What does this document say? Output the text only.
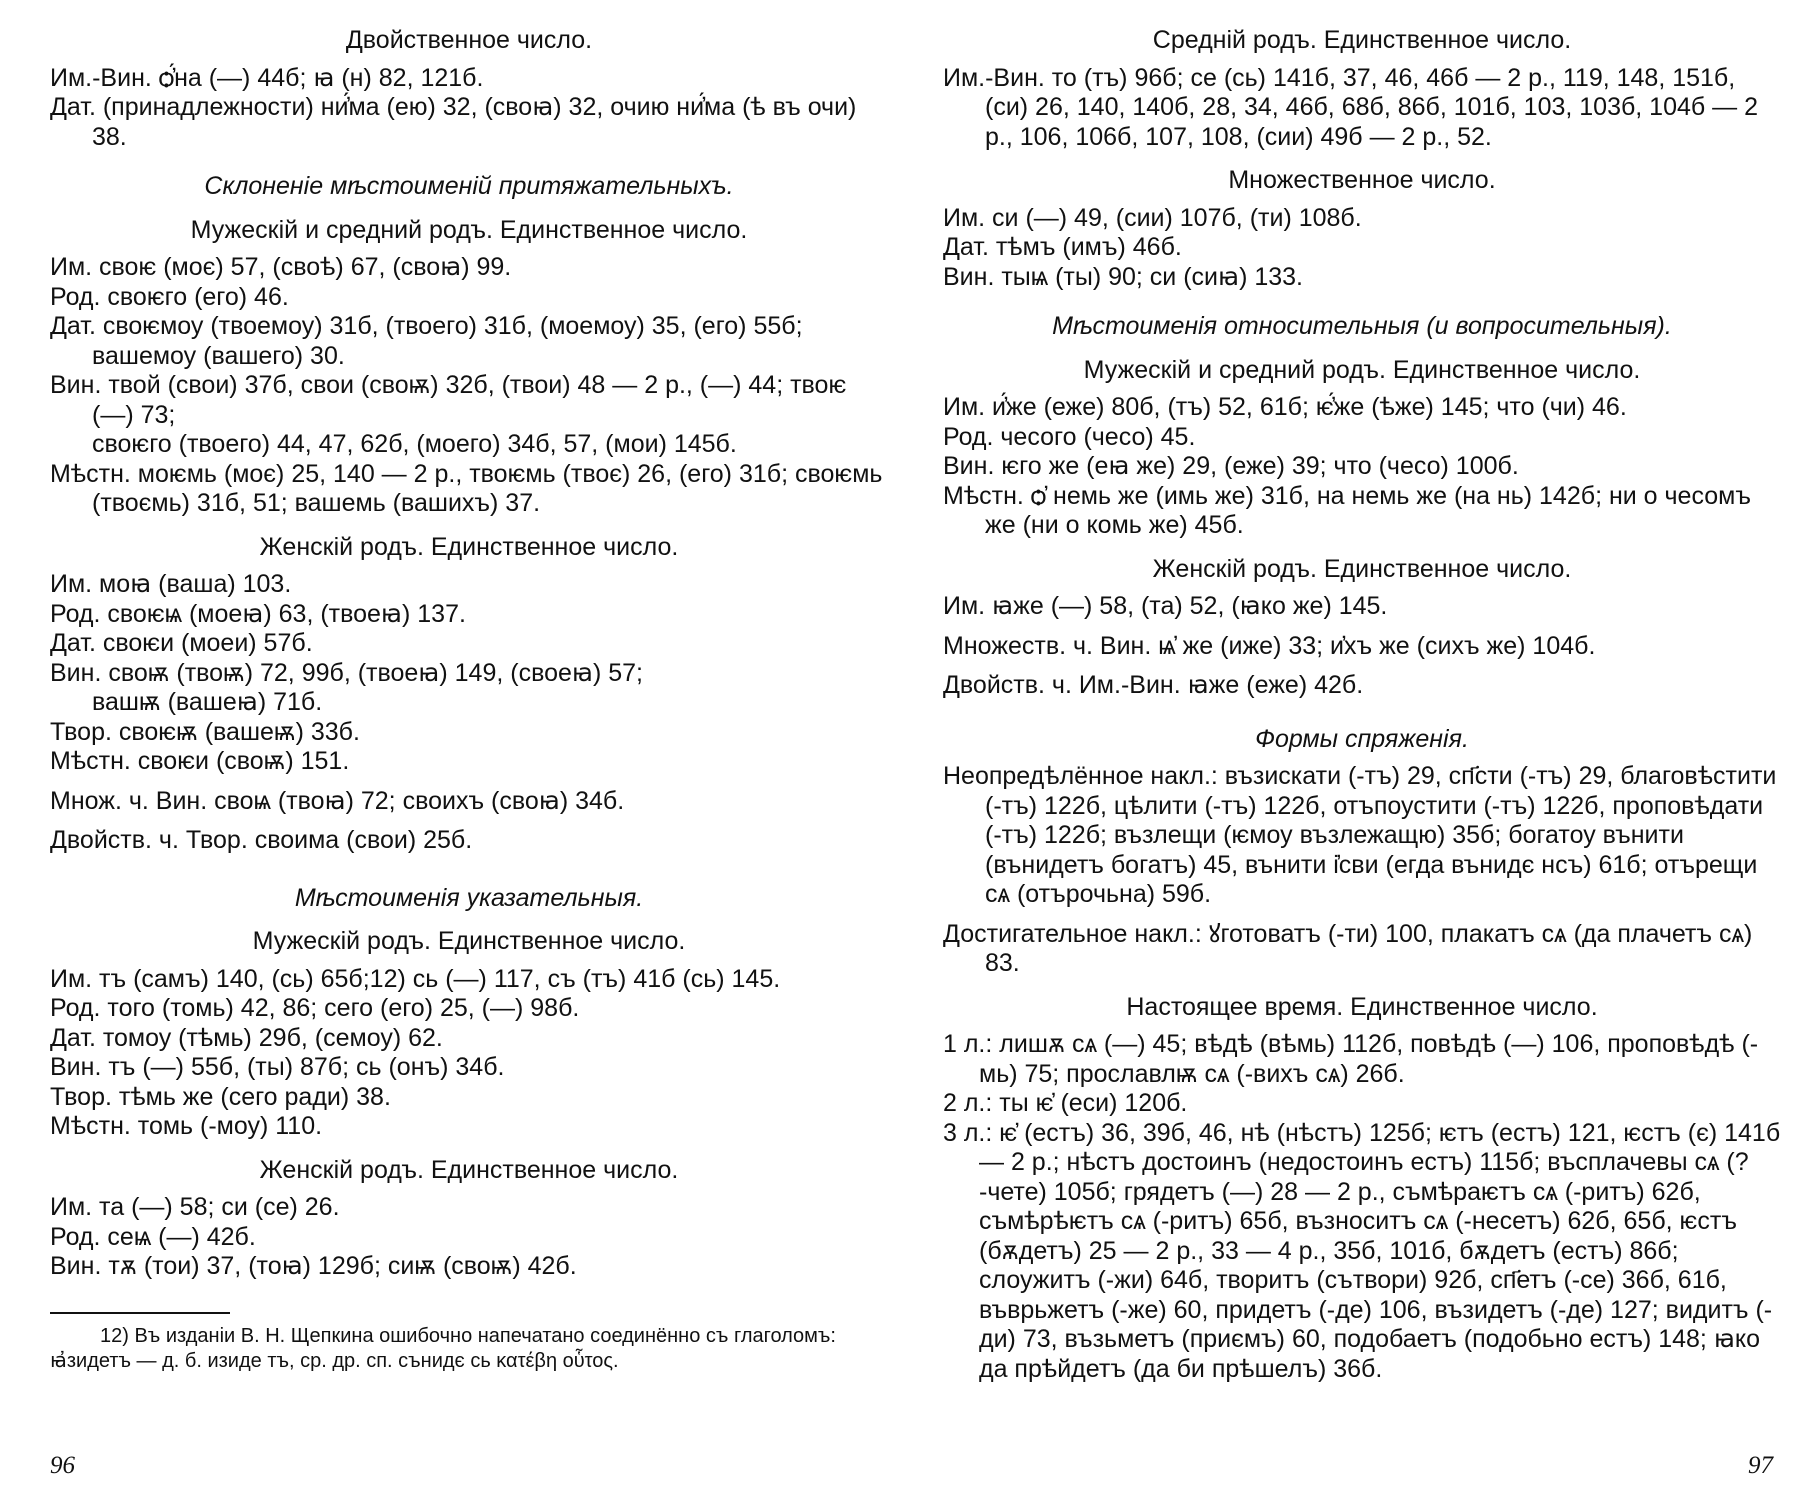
Двойственное число.
Им.-Вин. ѻ҆́на (—) 44б; ꙗ (н) 82, 121б.
Дат. (принадлежности) ни҆́ма (ею) 32, (своꙗ) 32, очию ни҆́ма (ѣ въ очи) 38.
Склоненiе мѣстоименiй притяжательныхъ.
Мужескiй и средний родъ. Единственное число.
Им. своѥ (моє) 57, (своѣ) 67, (своꙗ) 99.
Род. своѥго (его) 46.
Дат. своѥмоу (твоемоу) 31б, (твоего) 31б, (моемоу) 35, (его) 55б; вашемоу (вашего) 30.
Вин. твой (свои) 37б, свои (своѭ) 32б, (твои) 48 — 2 р., (—) 44; твоѥ (—) 73;
своѥго (твоего) 44, 47, 62б, (моего) 34б, 57, (мои) 145б.
Мѣстн. моѥмь (моє) 25, 140 — 2 р., твоѥмь (твоє) 26, (его) 31б; своѥмь (твоємь) 31б, 51; вашемь (вашихъ) 37.
Женскiй родъ. Единственное число.
Им. моꙗ (ваша) 103.
Род. своѥѩ (моеꙗ) 63, (твоеꙗ) 137.
Дат. своѥи (моеи) 57б.
Вин. своѭ (твоѭ) 72, 99б, (твоеꙗ) 149, (своеꙗ) 57;
вашѭ (вашеꙗ) 71б.
Твор. своѥѭ (вашеѭ) 33б.
Мѣстн. своѥи (своѭ) 151.
Множ. ч. Вин. своѩ (твоꙗ) 72; своихъ (своꙗ) 34б.
Двойств. ч. Твор. своима (свои) 25б.
Мѣстоименiя указательныя.
Мужескiй родъ. Единственное число.
Им. тъ (самъ) 140, (сь) 65б;12) сь (—) 117, съ (тъ) 41б (сь) 145.
Род. того (томь) 42, 86; сего (его) 25, (—) 98б.
Дат. томоу (тѣмь) 29б, (семоу) 62.
Вин. тъ (—) 55б, (ты) 87б; сь (онъ) 34б.
Твор. тѣмь же (сего ради) 38.
Мѣстн. томь (-моу) 110.
Женскiй родъ. Единственное число.
Им. та (—) 58; си (се) 26.
Род. сеѩ (—) 42б.
Вин. тѫ (тои) 37, (тоꙗ) 129б; сиѭ (своѭ) 42б.
12) Въ изданiи В. Н. Щепкина ошибочно напечатано соединённо съ глаголомъ: ꙗ҆зидетъ — д. б. изиде тъ, ср. др. сп. сънидє сь κατέβη οὗτος.
Среднiй родъ. Единственное число.
Им.-Вин. то (тъ) 96б; се (сь) 141б, 37, 46, 46б — 2 р., 119, 148, 151б, (си) 26, 140, 140б, 28, 34, 46б, 68б, 86б, 101б, 103, 103б, 104б — 2 р., 106, 106б, 107, 108, (сии) 49б — 2 р., 52.
Множественное число.
Им. си (—) 49, (сии) 107б, (ти) 108б.
Дат. тѣмъ (имъ) 46б.
Вин. тыѩ (ты) 90; си (сиꙗ) 133.
Мѣстоименiя относительныя (и вопросительныя).
Мужескiй и средний родъ. Единственное число.
Им. и҆́же (еже) 80б, (тъ) 52, 61б; ѥ҆́же (ѣже) 145; что (чи) 46.
Род. чесого (чесо) 45.
Вин. ѥго же (еꙗ же) 29, (еже) 39; что (чесо) 100б.
Мѣстн. ѻ҆ немь же (имь же) 31б, на немь же (на нь) 142б; ни о чесомъ же (ни о комь же) 45б.
Женскiй родъ. Единственное число.
Им. ꙗже (—) 58, (та) 52, (ꙗко же) 145.
Множеств. ч. Вин. ѩ҆ же (иже) 33; и҆хъ же (сихъ же) 104б.
Двойств. ч. Им.-Вин. ꙗже (еже) 42б.
Формы спряженiя.
Неопредѣлённое накл.: възискати (-тъ) 29, сп҃сти (-тъ) 29, благовѣстити (-тъ) 122б, цѣлити (-тъ) 122б, отъпоустити (-тъ) 122б, проповѣдати (-тъ) 122б; възлещи (ѥмоу възлежащю) 35б; богатоу вънити (вънидетъ богатъ) 45, вънити і҆сви (егда вънидє нсъ) 61б; отърещи сѧ (отърочьна) 59б.
Достигательное накл.: ꙋготоватъ (-ти) 100, плакатъ сѧ (да плачетъ сѧ) 83.
Настоящее время. Единственное число.
1 л.: лишѫ сѧ (—) 45; вѣдѣ (вѣмь) 112б, повѣдѣ (—) 106, проповѣдѣ (-мь) 75; прославлѭ сѧ (-вихъ сѧ) 26б.
2 л.: ты ѥ҆ (еси) 120б.
3 л.: ѥ҆ (естъ) 36, 39б, 46, нѣ (нѣстъ) 125б; ѥтъ (естъ) 121, ѥстъ (є) 141б — 2 р.; нѣстъ достоинъ (недостоинъ естъ) 115б; въсплачевы сѧ (? -чете) 105б; грядетъ (—) 28 — 2 р., съмѣраѥтъ сѧ (-ритъ) 62б, съмѣрѣѥтъ сѧ (-ритъ) 65б, възноситъ сѧ (-несетъ) 62б, 65б, ѥстъ (бѫдетъ) 25 — 2 р., 33 — 4 р., 35б, 101б, бѫдетъ (естъ) 86б; слоужитъ (-жи) 64б, творитъ (сътвори) 92б, сп҃етъ (-се) 36б, 61б, въврьжетъ (-же) 60, придетъ (-де) 106, възидетъ (-де) 127; видитъ (-ди) 73, възьметъ (приємъ) 60, подобаетъ (подобьно естъ) 148; ꙗко да прѣйдетъ (да би прѣшелъ) 36б.
96	97
